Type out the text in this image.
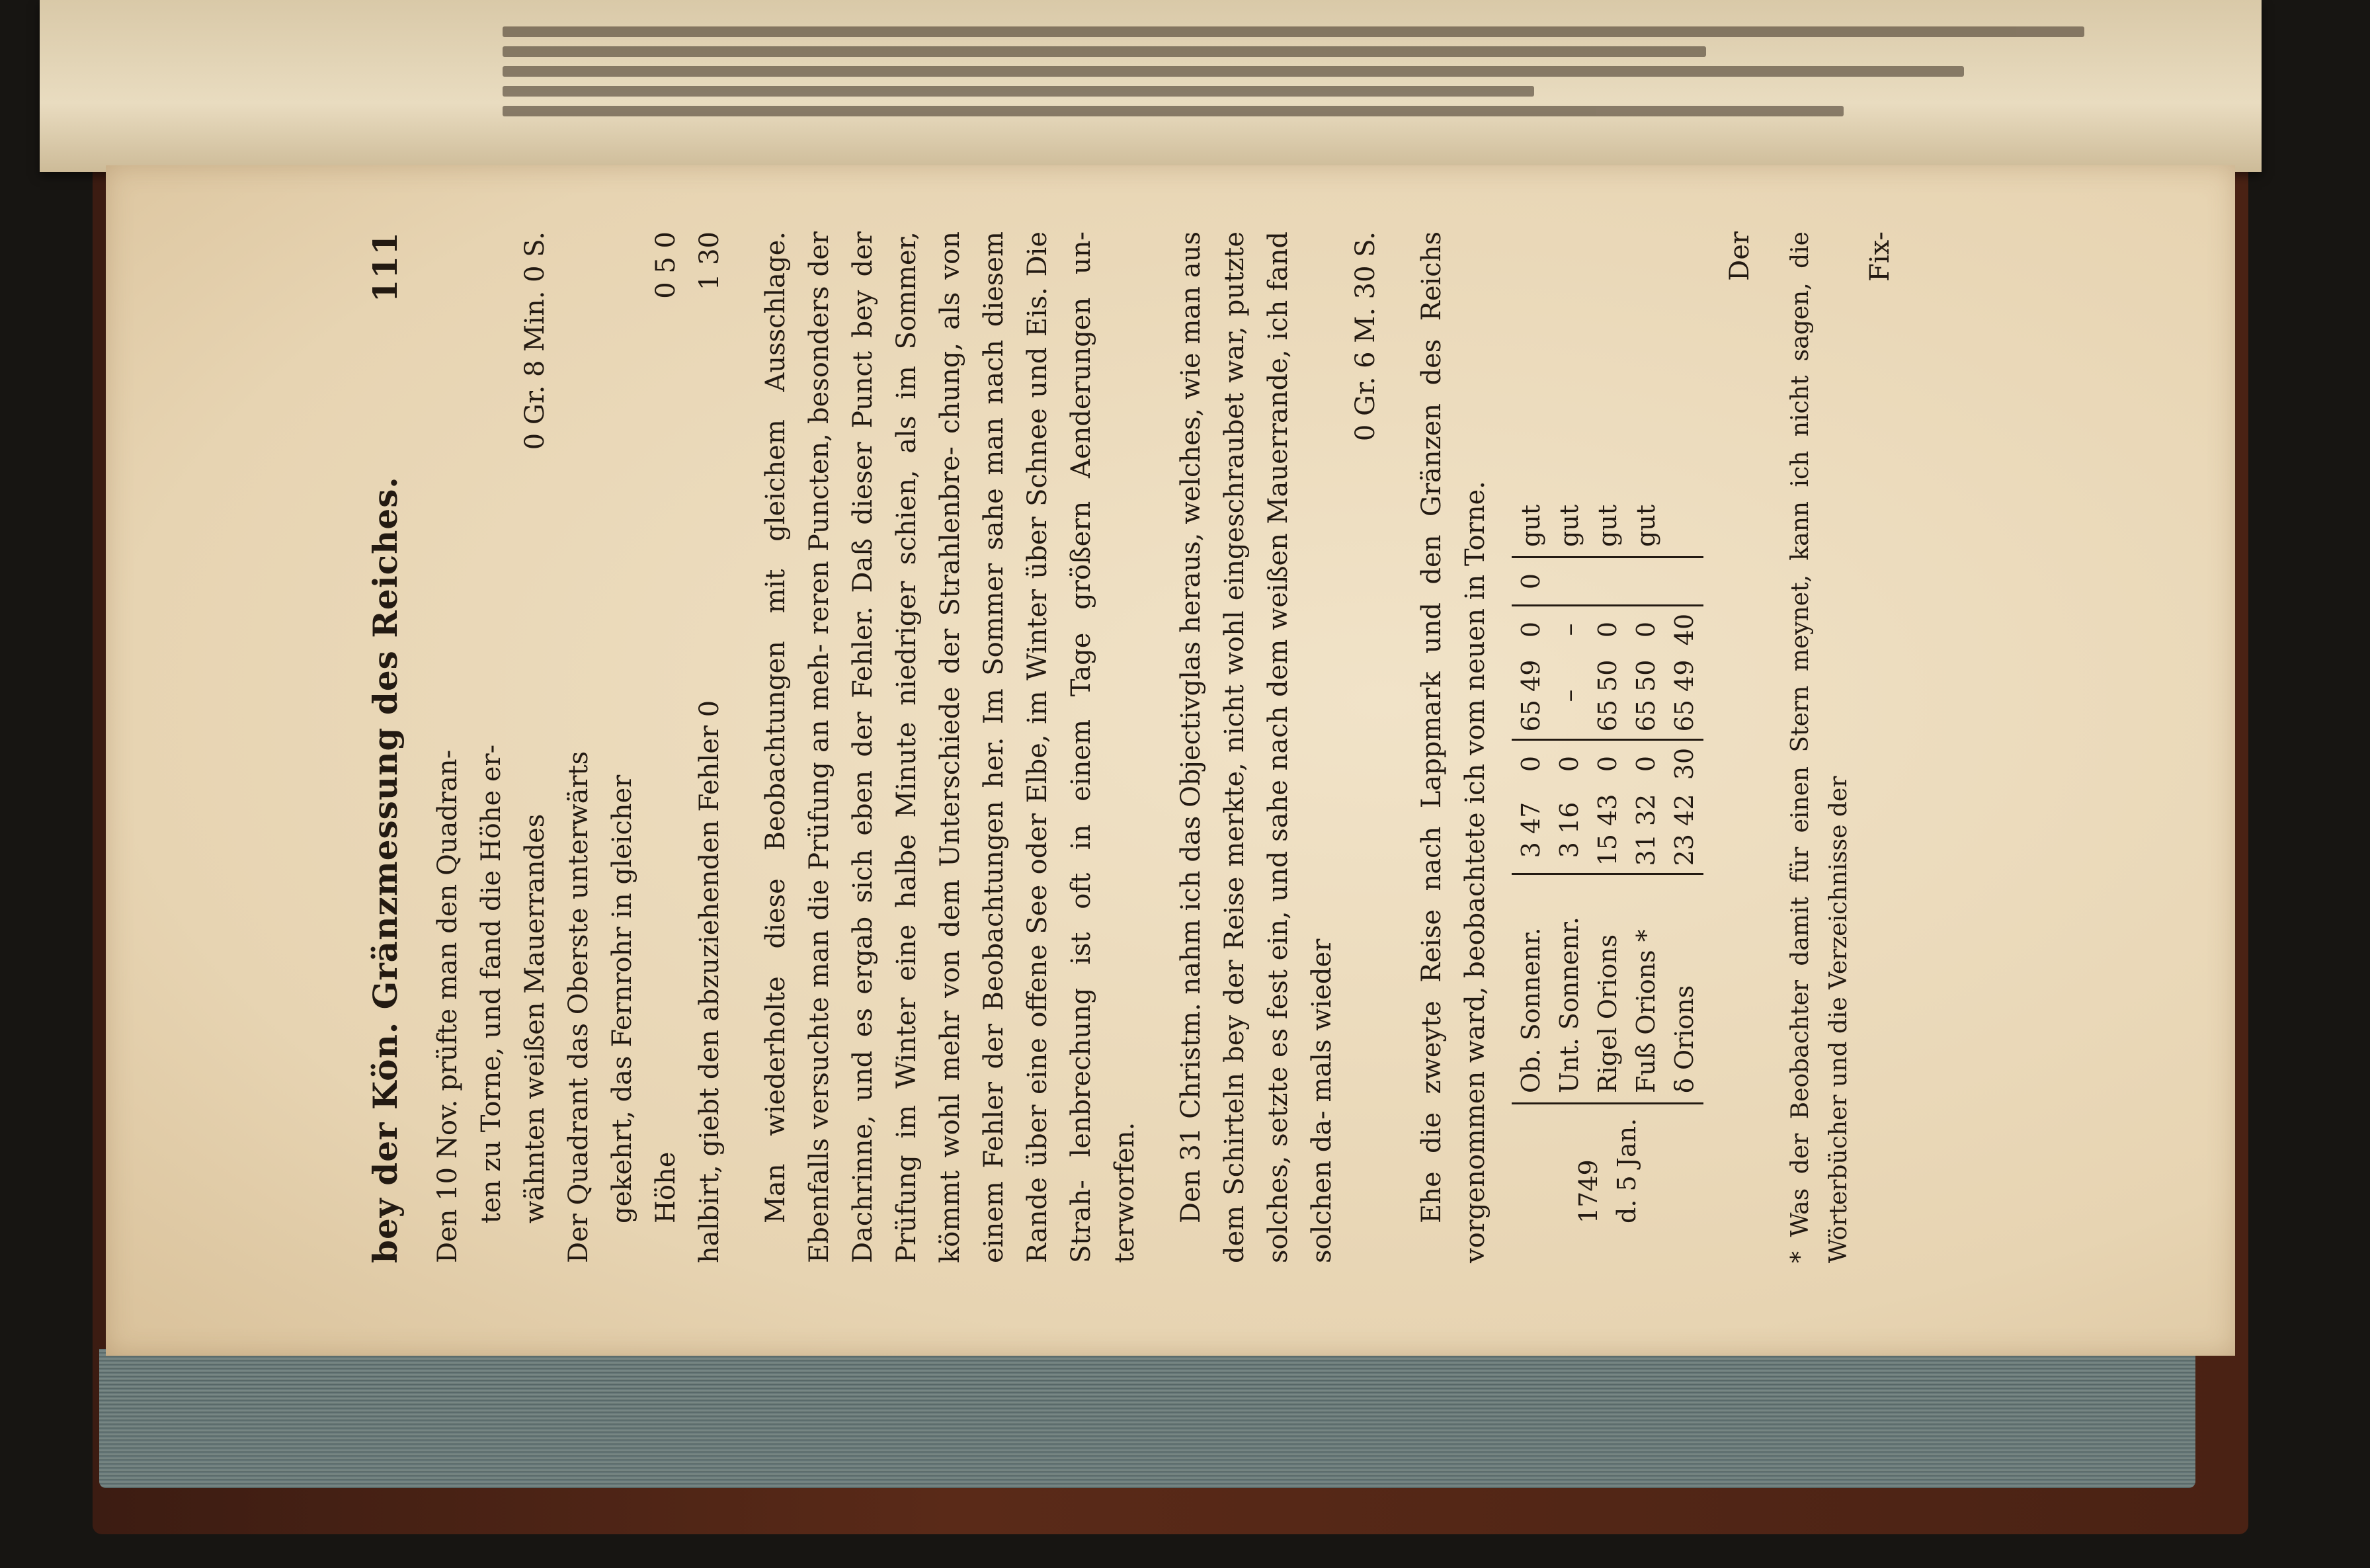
bey der Kön. Gränzmessung des Reiches.
111
Den 10 Nov. prüfte man den Quadran- ten zu Torne, und fand die Höhe er- wähnten weißen Mauerrandes
0 Gr. 8 Min. 0 S.
Der Quadrant das Oberste unterwärts gekehrt, das Fernrohr in gleicher Höhe
0 5 0
halbirt, giebt den abzuziehenden Fehler 0
1 30 Man wiederholte diese Beobachtungen mit gleichem Ausschlage. Ebenfalls versuchte man die Prüfung an meh- reren Puncten, besonders der Dachrinne, und es ergab sich eben der Fehler. Daß dieser Punct bey der Prüfung im Winter eine halbe Minute niedriger schien, als im Sommer, kömmt wohl mehr von dem Unterschiede der Strahlenbre- chung, als von einem Fehler der Beobachtungen her. Im Sommer sahe man nach diesem Rande über eine offene See oder Elbe, im Winter über Schnee und Eis. Die Strah- lenbrechung ist oft in einem Tage größern Aenderungen un- terworfen. Den 31 Christm. nahm ich das Objectivglas heraus, welches, wie man aus dem Schirteln bey der Reise merkte, nicht wohl eingeschraubet war, putzte solches, setzte es fest ein, und sahe nach dem weißen Mauerrande, ich fand solchen da- mals wieder

0 Gr. 6 M. 30 S. Ehe die zweyte Reise nach Lappmark und den Gränzen des Reichs vorgenommen ward, beobachtete ich vom neuen in Torne.	1749 d. 5 Jan.
Ob. Sonnenr. Unt. Sonnenr. Rigel Orions Fuß Orions * δ Orions
3 47 3 16 15 43 31 32 23 42
0 0 0 0 30
65 49 – 65 50 65 50 65 49
0 – 0 0 40
0
gut gut gut gut
Der * Was der Beobachter damit für einen Stern meynet, kann ich nicht sagen, die Wörterbücher und die Verzeichnisse der

Fix-
